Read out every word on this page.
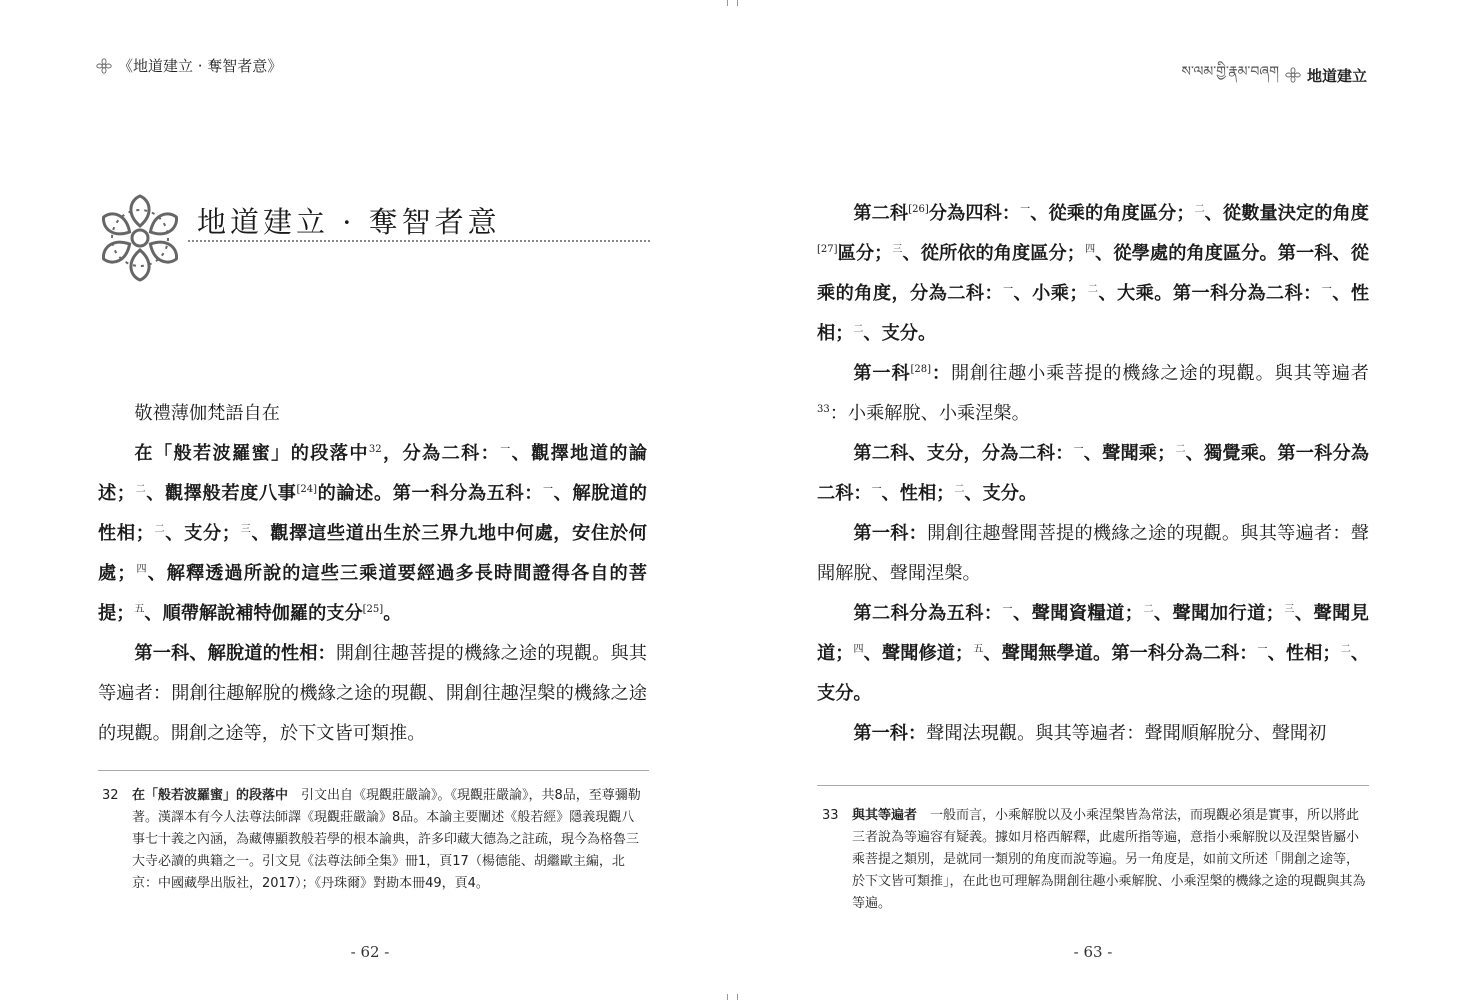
《地道建立 · 奪智者意》
地道建立 · 奪智者意

敬禮薄伽梵語自在

在「般若波羅蜜」的段落中$^{32}$，分為二科：$^一$、觀擇地道的論述；$^二$、觀擇般若度八事[24]的論述。第一科分為五科：$^一$、解脫道的性相；$^二$、支分；$^三$、觀擇這些道出生於三界九地中何處，安住於何處；$^四$、解釋透過所說的這些三乘道要經過多長時間證得各自的菩提；$^五$、順帶解說補特伽羅的支分[25]。

第一科、解脫道的性相：開創往趣菩提的機緣之途的現觀。與其等遍者：開創往趣解脫的機緣之途的現觀、開創往趣涅槃的機緣之途的現觀。開創之途等，於下文皆可類推。

32 在「般若波羅蜜」的段落中　引文出自《現觀莊嚴論》。《現觀莊嚴論》，共8品，至尊彌勒著。漢譯本有今人法尊法師譯《現觀莊嚴論》8品。本論主要闡述《般若經》隱義現觀八事七十義之內涵，為藏傳顯教般若學的根本論典，許多印藏大德為之註疏，現今為格魯三大寺必讀的典籍之一。引文見《法尊法師全集》冊1，頁17（楊德能、胡繼歐主編，北京：中國藏學出版社，2017）；《丹珠爾》對勘本冊49，頁4。
- 62 -
ས་ལམ་གྱི་རྣམ་བཞག 地道建立

第二科[26]分為四科：$^一$、從乘的角度區分；$^二$、從數量決定的角度[27]區分；$^三$、從所依的角度區分；$^四$、從學處的角度區分。第一科、從乘的角度，分為二科：$^一$、小乘；$^二$、大乘。第一科分為二科：$^一$、性相；$^二$、支分。

第一科[28]：開創往趣小乘菩提的機緣之途的現觀。與其等遍者$^{33}$：小乘解脫、小乘涅槃。

第二科、支分，分為二科：$^一$、聲聞乘；$^二$、獨覺乘。第一科分為二科：$^一$、性相；$^二$、支分。

第一科：開創往趣聲聞菩提的機緣之途的現觀。與其等遍者：聲聞解脫、聲聞涅槃。

第二科分為五科：$^一$、聲聞資糧道；$^二$、聲聞加行道；$^三$、聲聞見道；$^四$、聲聞修道；$^五$、聲聞無學道。第一科分為二科：$^一$、性相；$^二$、支分。

第一科：聲聞法現觀。與其等遍者：聲聞順解脫分、聲聞初

33 與其等遍者　一般而言，小乘解脫以及小乘涅槃皆為常法，而現觀必須是實事，所以將此三者說為等遍容有疑義。據如月格西解釋，此處所指等遍，意指小乘解脫以及涅槃皆屬小乘菩提之類別，是就同一類別的角度而說等遍。另一角度是，如前文所述「開創之途等，於下文皆可類推」，在此也可理解為開創往趣小乘解脫、小乘涅槃的機緣之途的現觀與其為等遍。
- 63 -
